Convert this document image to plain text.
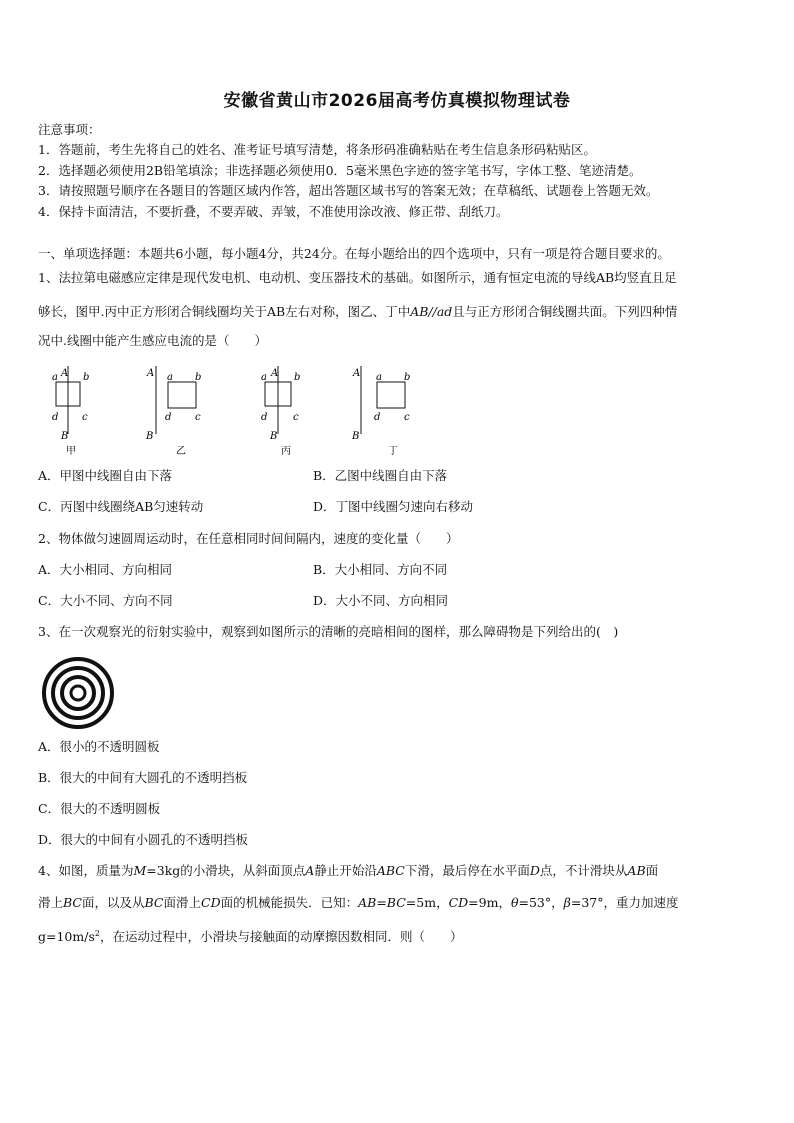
安徽省黄山市2026届高考仿真模拟物理试卷
注意事项：
1．答题前，考生先将自己的姓名、准考证号填写清楚，将条形码准确粘贴在考生信息条形码粘贴区。
2．选择题必须使用2B铅笔填涂；非选择题必须使用0．5毫米黑色字迹的签字笔书写，字体工整、笔迹清楚。
3．请按照题号顺序在各题目的答题区域内作答，超出答题区域书写的答案无效；在草稿纸、试题卷上答题无效。
4．保持卡面清洁，不要折叠，不要弄破、弄皱，不准使用涂改液、修正带、刮纸刀。
一、单项选择题：本题共6小题，每小题4分，共24分。在每小题给出的四个选项中，只有一项是符合题目要求的。
1、法拉第电磁感应定律是现代发电机、电动机、变压器技术的基础。如图所示，通有恒定电流的导线AB均竖直且足
够长，图甲.丙中正方形闭合铜线圈均关于AB左右对称，图乙、丁中AB//ad且与正方形闭合铜线圈共面。下列四种情
况中.线圈中能产生感应电流的是（　　）
A
a	b
d c
B
甲
A a b
d c
B
乙
A
a	b
d	c
B
丙
A a b
d c
B
丁
A．甲图中线圈自由下落	B．乙图中线圈自由下落
C．丙图中线圈绕AB匀速转动	D．丁图中线圈匀速向右移动
2、物体做匀速圆周运动时，在任意相同时间间隔内，速度的变化量（　　）
A．大小相同、方向相同	B．大小相同、方向不同
C．大小不同、方向不同	D．大小不同、方向相同
3、在一次观察光的衍射实验中，观察到如图所示的清晰的亮暗相间的图样，那么障碍物是下列给出的(　)
A．很小的不透明圆板
B．很大的中间有大圆孔的不透明挡板
C．很大的不透明圆板
D．很大的中间有小圆孔的不透明挡板
4、如图，质量为M=3kg的小滑块，从斜面顶点A静止开始沿ABC下滑，最后停在水平面D点，不计滑块从AB面
滑上BC面，以及从BC面滑上CD面的机械能损失．已知：AB=BC=5m，CD=9m，θ=53°，β=37°，重力加速度
$g=10m/s^2$，在运动过程中，小滑块与接触面的动摩擦因数相同．则（　　）
